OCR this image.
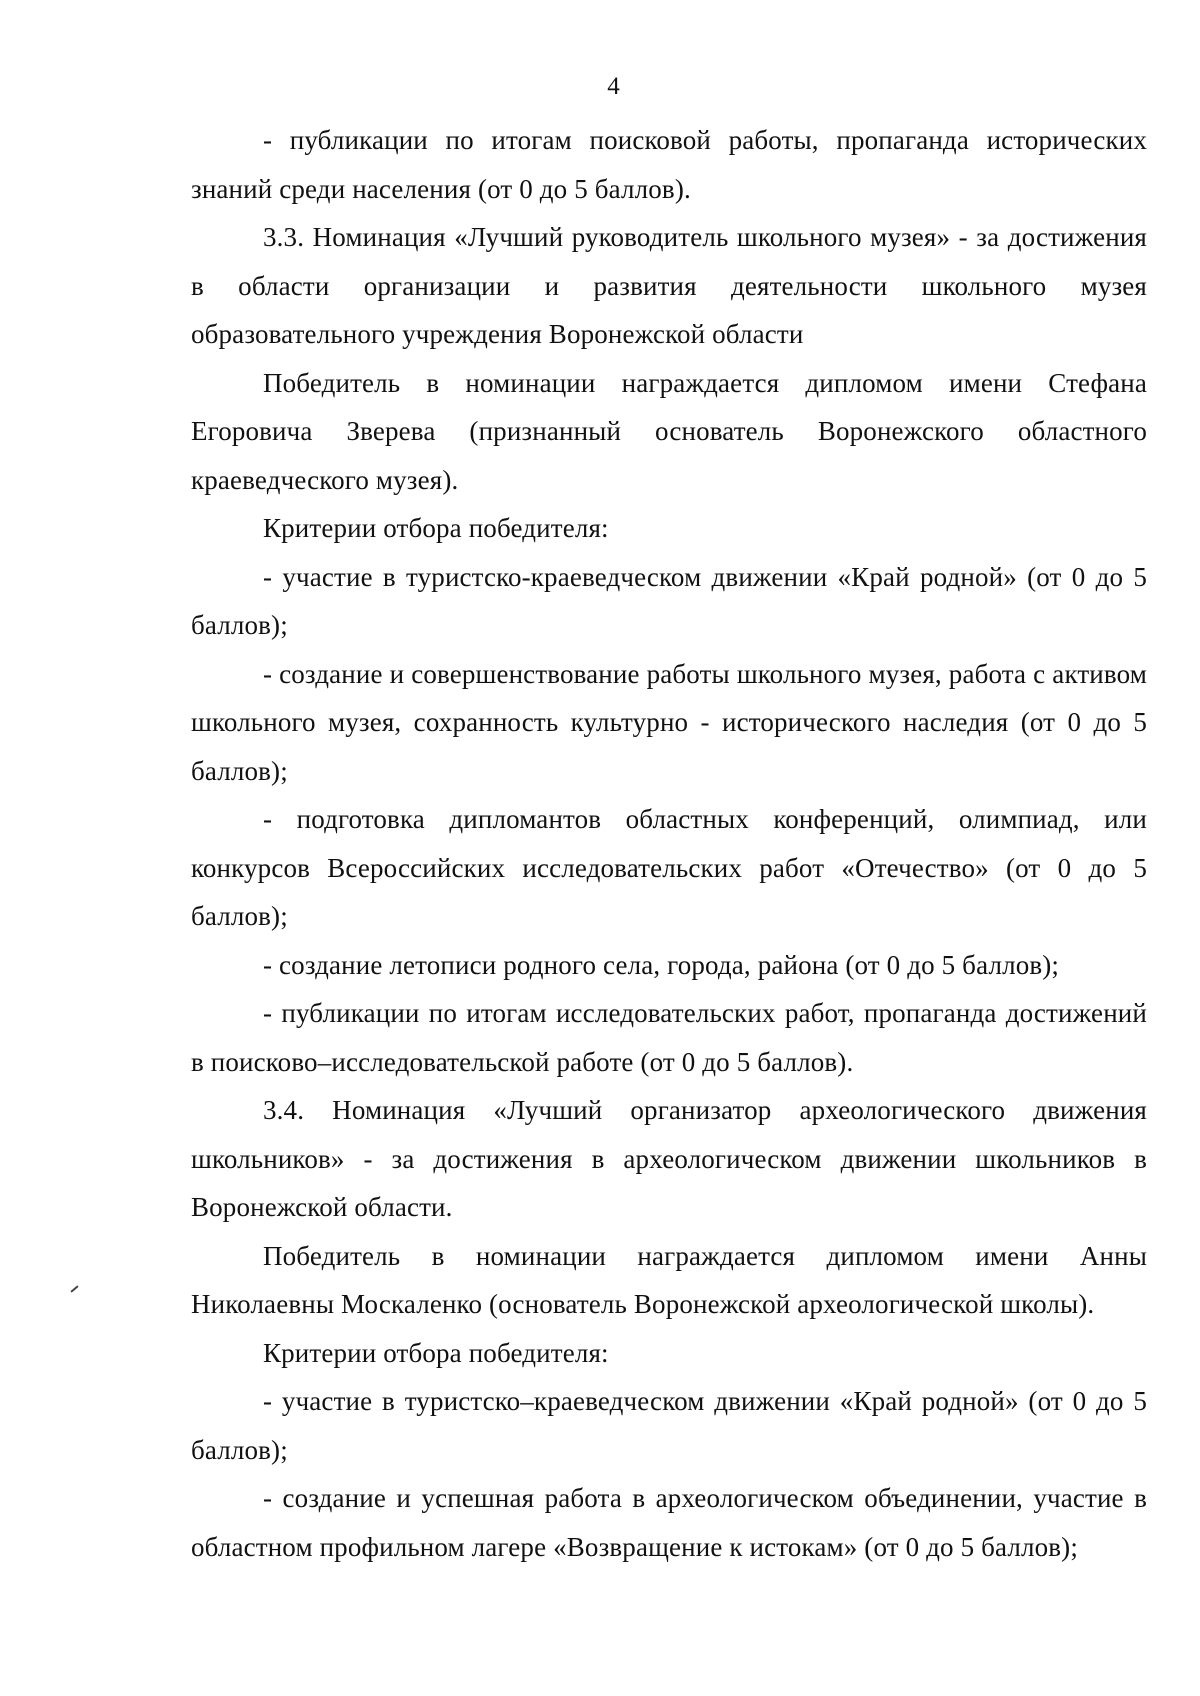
4

- публикации по итогам поисковой работы, пропаганда исторических знаний среди населения (от 0 до 5 баллов).

3.3. Номинация «Лучший руководитель школьного музея» - за достижения в области организации и развития деятельности школьного музея образовательного учреждения Воронежской области

Победитель в номинации награждается дипломом имени Стефана Егоровича Зверева (признанный основатель Воронежского областного краеведческого музея).

Критерии отбора победителя:

- участие в туристско-краеведческом движении «Край родной» (от 0 до 5 баллов);

- создание и совершенствование работы школьного музея, работа с активом школьного музея, сохранность культурно - исторического наследия (от 0 до 5 баллов);

- подготовка дипломантов областных конференций, олимпиад, или конкурсов Всероссийских исследовательских работ «Отечество» (от 0 до 5 баллов);

- создание летописи родного села, города, района (от 0 до 5 баллов);

- публикации по итогам исследовательских работ, пропаганда достижений в поисково–исследовательской работе (от 0 до 5 баллов).

3.4. Номинация «Лучший организатор археологического движения школьников» - за достижения в археологическом движении школьников в Воронежской области.

Победитель в номинации награждается дипломом имени Анны Николаевны Москаленко (основатель Воронежской археологической школы).

Критерии отбора победителя:

- участие в туристско–краеведческом движении «Край родной» (от 0 до 5 баллов);

- создание и успешная работа в археологическом объединении, участие в областном профильном лагере «Возвращение к истокам» (от 0 до 5 баллов);
